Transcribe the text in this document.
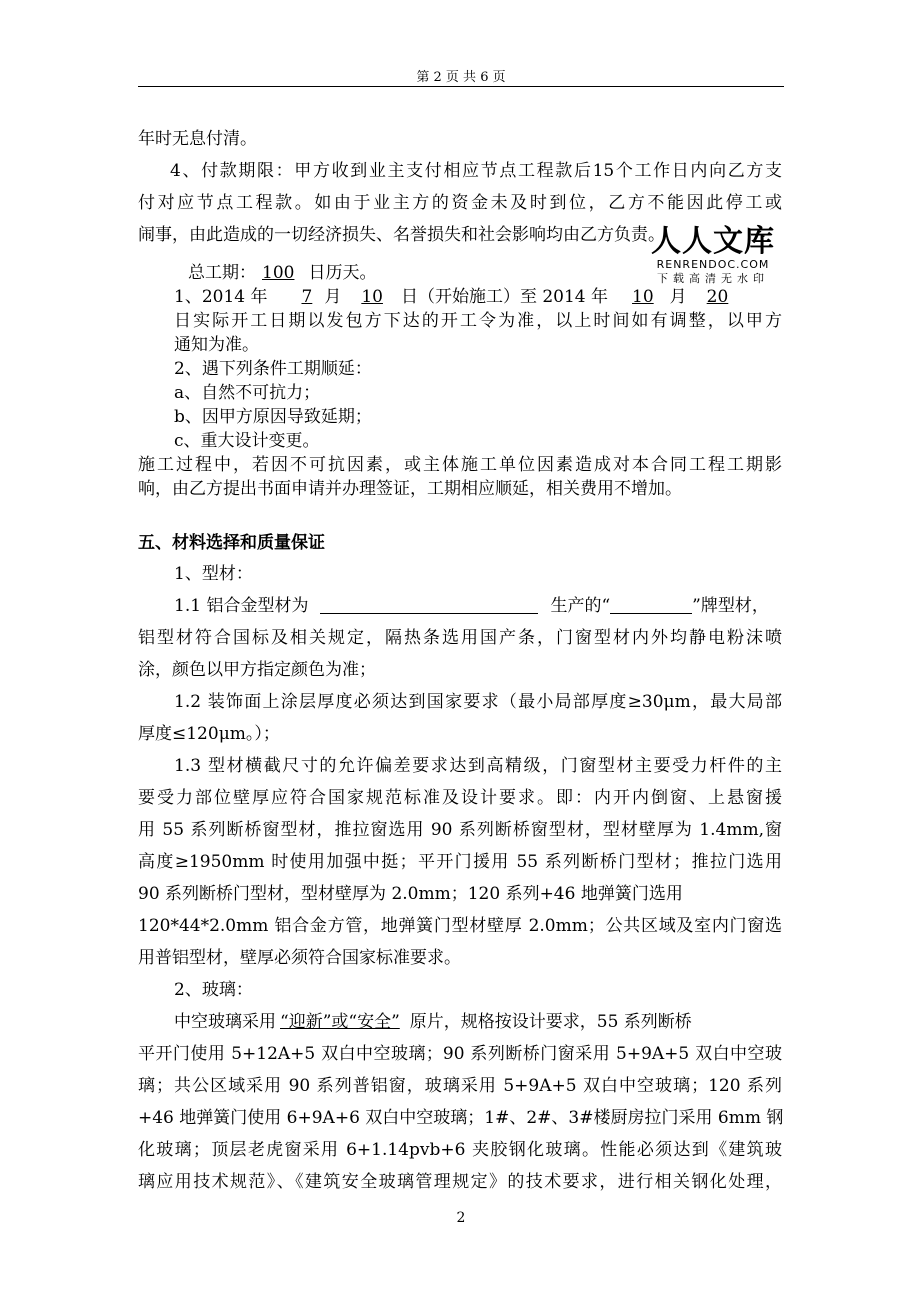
第 2 页 共 6 页
年时无息付清。
4、付款期限：甲方收到业主支付相应节点工程款后15个工作日内向乙方支
付对应节点工程款。如由于业主方的资金未及时到位，乙方不能因此停工或
闹事，由此造成的一切经济损失、名誉损失和社会影响均由乙方负责。
人人文库
RENRENDOC.COM
下载高清无水印
总工期： 100 日历天。
1、2014 年 7 月 10 日（开始施工）至 2014 年 10 月 20
日实际开工日期以发包方下达的开工令为准，以上时间如有调整，以甲方
通知为准。
2、遇下列条件工期顺延：
a、自然不可抗力；
b、因甲方原因导致延期；
c、重大设计变更。
施工过程中，若因不可抗因素，或主体施工单位因素造成对本合同工程工期影
响，由乙方提出书面申请并办理签证，工期相应顺延，相关费用不增加。
五、材料选择和质量保证
1、型材：
1.1 铝合金型材为	生产的“	”牌型材，
铝型材符合国标及相关规定，隔热条选用国产条，门窗型材内外均静电粉沫喷
涂，颜色以甲方指定颜色为准；
1.2 装饰面上涂层厚度必须达到国家要求（最小局部厚度≥30μm，最大局部
厚度≤120μm。）；
1.3 型材横截尺寸的允许偏差要求达到高精级，门窗型材主要受力杆件的主
要受力部位壁厚应符合国家规范标准及设计要求。即：内开内倒窗、上悬窗援
用 55 系列断桥窗型材，推拉窗选用 90 系列断桥窗型材，型材壁厚为 1.4mm,窗
高度≥1950mm 时使用加强中挺；平开门援用 55 系列断桥门型材；推拉门选用
90 系列断桥门型材，型材壁厚为 2.0mm；120 系列+46 地弹簧门选用
120*44*2.0mm 铝合金方管，地弹簧门型材壁厚 2.0mm；公共区域及室内门窗选
用普铝型材，壁厚必须符合国家标准要求。
2、玻璃：
中空玻璃采用 “迎新”或“安全” 原片，规格按设计要求，55 系列断桥
平开门使用 5+12A+5 双白中空玻璃；90 系列断桥门窗采用 5+9A+5 双白中空玻
璃；共公区域采用 90 系列普铝窗，玻璃采用 5+9A+5 双白中空玻璃；120 系列
+46 地弹簧门使用 6+9A+6 双白中空玻璃；1#、2#、3#楼厨房拉门采用 6mm 钢
化玻璃；顶层老虎窗采用 6+1.14pvb+6 夹胶钢化玻璃。性能必须达到《建筑玻
璃应用技术规范》、《建筑安全玻璃管理规定》的技术要求，进行相关钢化处理，
2
